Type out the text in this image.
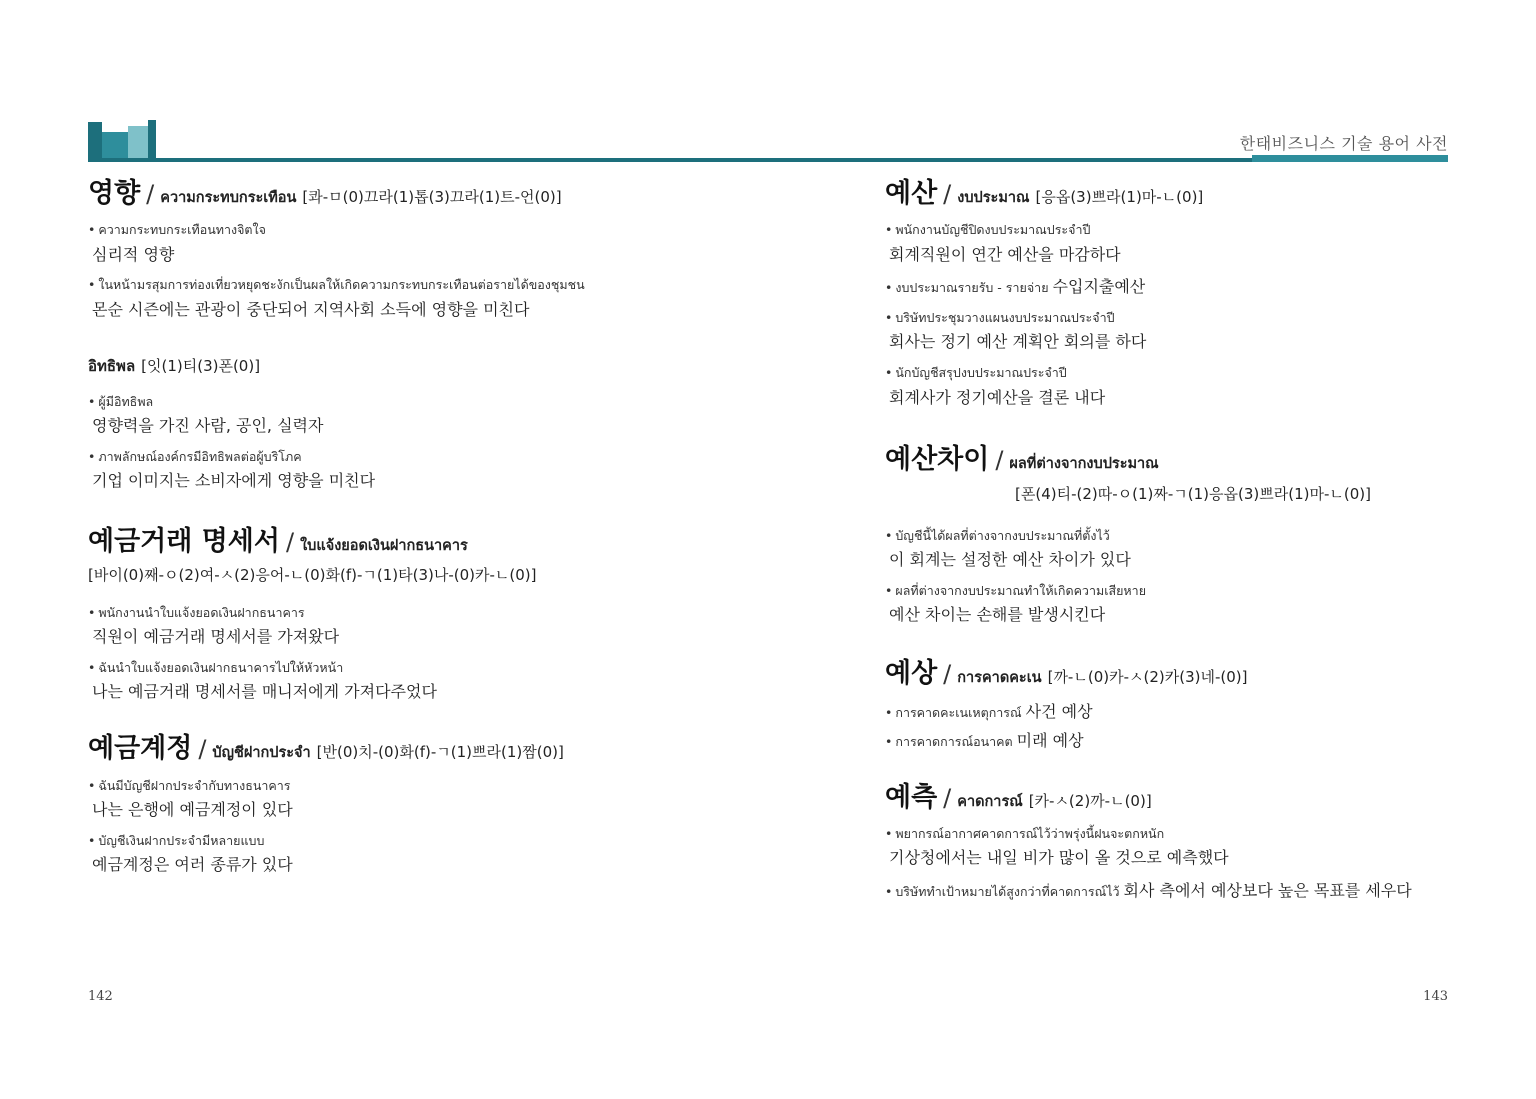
한태비즈니스 기술 용어 사전
영향 / ความกระทบกระเทือน [콰-ㅁ(0)끄라(1)톱(3)끄라(1)트-언(0)]
• ความกระทบกระเทือนทางจิตใจ
심리적 영향
• ในหน้ามรสุมการท่องเที่ยวหยุดชะงักเป็นผลให้เกิดความกระทบกระเทือนต่อรายได้ของชุมชน
몬순 시즌에는 관광이 중단되어 지역사회 소득에 영향을 미친다
อิทธิพล [잇(1)티(3)폰(0)]
• ผู้มีอิทธิพล
영향력을 가진 사람, 공인, 실력자
• ภาพลักษณ์องค์กรมีอิทธิพลต่อผู้บริโภค
기업 이미지는 소비자에게 영향을 미친다
예금거래 명세서 / ใบแจ้งยอดเงินฝากธนาคาร
[바이(0)째-ㅇ(2)여-ㅅ(2)응어-ㄴ(0)화(f)-ㄱ(1)타(3)나-(0)카-ㄴ(0)]
• พนักงานนำใบแจ้งยอดเงินฝากธนาคาร
직원이 예금거래 명세서를 가져왔다
• ฉันนำใบแจ้งยอดเงินฝากธนาคารไปให้หัวหน้า
나는 예금거래 명세서를 매니저에게 가져다주었다
예금계정 / บัญชีฝากประจำ [반(0)치-(0)화(f)-ㄱ(1)쁘라(1)짬(0)]
• ฉันมีบัญชีฝากประจำกับทางธนาคาร
나는 은행에 예금계정이 있다
• บัญชีเงินฝากประจำมีหลายแบบ
예금계정은 여러 종류가 있다
예산 / งบประมาณ [응옵(3)쁘라(1)마-ㄴ(0)]
• พนักงานบัญชีปิดงบประมาณประจำปี
회계직원이 연간 예산을 마감하다
• งบประมาณรายรับ - รายจ่าย 수입지출예산
• บริษัทประชุมวางแผนงบประมาณประจำปี
회사는 정기 예산 계획안 회의를 하다
• นักบัญชีสรุปงบประมาณประจำปี
회계사가 정기예산을 결론 내다
예산차이 / ผลที่ต่างจากงบประมาณ
[폰(4)티-(2)따-ㅇ(1)짜-ㄱ(1)응옵(3)쁘라(1)마-ㄴ(0)]
• บัญชีนี้ได้ผลที่ต่างจากงบประมาณที่ตั้งไว้
이 회계는 설정한 예산 차이가 있다
• ผลที่ต่างจากงบประมาณทำให้เกิดความเสียหาย
예산 차이는 손해를 발생시킨다
예상 / การคาดคะเน [까-ㄴ(0)카-ㅅ(2)카(3)네-(0)]
• การคาดคะเนเหตุการณ์ 사건 예상
• การคาดการณ์อนาคต 미래 예상
예측 / คาดการณ์ [카-ㅅ(2)까-ㄴ(0)]
• พยากรณ์อากาศคาดการณ์ไว้ว่าพรุ่งนี้ฝนจะตกหนัก
기상청에서는 내일 비가 많이 올 것으로 예측했다
• บริษัททำเป้าหมายได้สูงกว่าที่คาดการณ์ไว้ 회사 측에서 예상보다 높은 목표를 세우다
142	143
